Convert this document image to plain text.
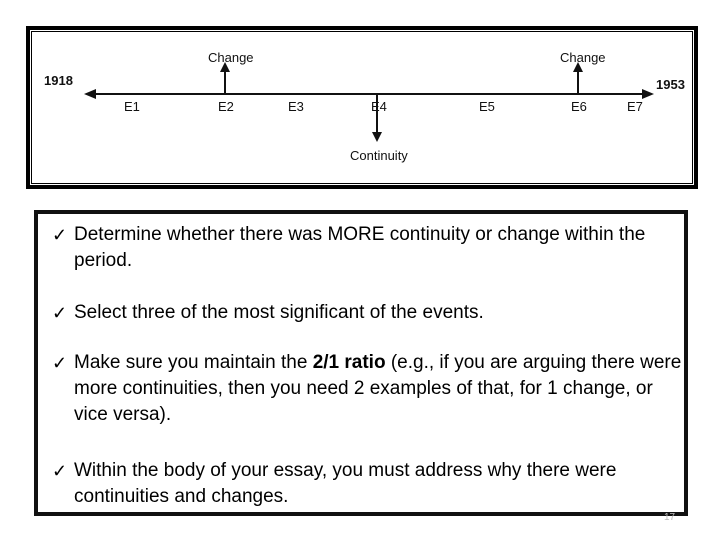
1918	1953
Change	Change
Continuity
E1	E2	E3	E4	E5	E6	E7
✓ Determine whether there was MORE continuity or change within the period.
✓ Select three of the most significant of the events.
✓ Make sure you maintain the 2/1 ratio (e.g., if you are arguing there were more continuities, then you need 2 examples of that, for 1 change, or vice versa).
✓ Within the body of your essay, you must address why there were continuities and changes.
17
